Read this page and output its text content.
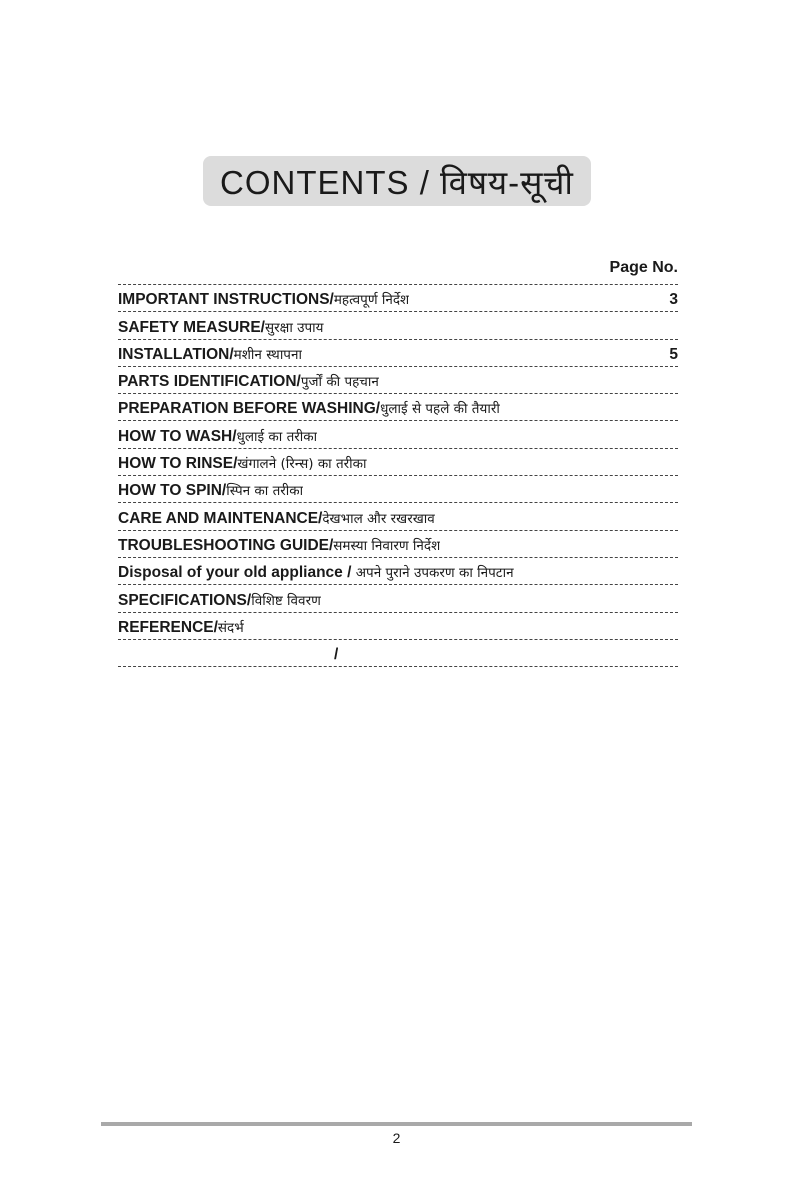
CONTENTS / विषय-सूची
Page No.
IMPORTANT INSTRUCTIONS/महत्वपूर्ण निर्देश	3
SAFETY MEASURE/सुरक्षा उपाय
INSTALLATION/मशीन स्थापना	5
PARTS IDENTIFICATION/पुर्जों की पहचान
PREPARATION BEFORE WASHING/धुलाई से पहले की तैयारी
HOW TO WASH/धुलाई का तरीका
HOW TO RINSE/खंगालने (रिन्स) का तरीका
HOW TO SPIN/स्पिन का तरीका
CARE AND MAINTENANCE/देखभाल और रखरखाव
TROUBLESHOOTING GUIDE/समस्या निवारण निर्देश
Disposal of your old appliance / अपने पुराने उपकरण का निपटान
SPECIFICATIONS/विशिष्ट विवरण
REFERENCE/संदर्भ
/
2
